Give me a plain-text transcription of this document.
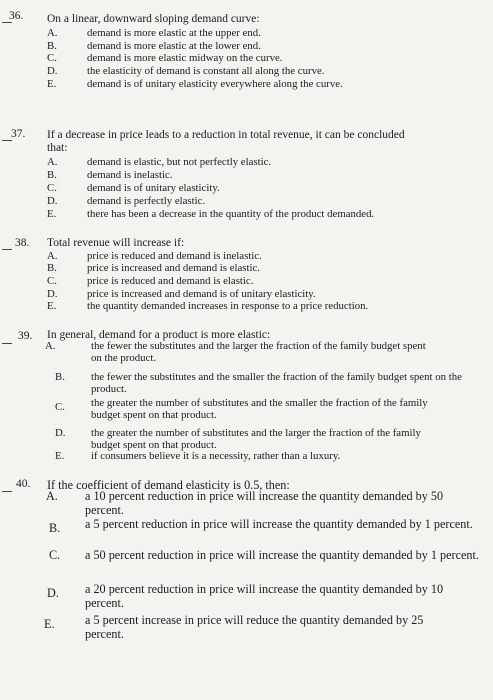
36. On a linear, downward sloping demand curve:
A.	demand is more elastic at the upper end.
B.	demand is more elastic at the lower end.
C.	demand is more elastic midway on the curve.
D.	the elasticity of demand is constant all along the curve.
E.	demand is of unitary elasticity everywhere along the curve.
37. If a decrease in price leads to a reduction in total revenue, it can be concluded that:
A.	demand is elastic, but not perfectly elastic.
B.	demand is inelastic.
C.	demand is of unitary elasticity.
D.	demand is perfectly elastic.
E.	there has been a decrease in the quantity of the product demanded.
38. Total revenue will increase if:
A.	price is reduced and demand is inelastic.
B.	price is increased and demand is elastic.
C.	price is reduced and demand is elastic.
D.	price is increased and demand is of unitary elasticity.
E.	the quantity demanded increases in response to a price reduction.
39. In general, demand for a product is more elastic:
A.	the fewer the substitutes and the larger the fraction of the family budget spent on the product.
B.	the fewer the substitutes and the smaller the fraction of the family budget spent on the product.
C.	the greater the number of substitutes and the smaller the fraction of the family budget spent on that product.
D.	the greater the number of substitutes and the larger the fraction of the family budget spent on that product.
E.	if consumers believe it is a necessity, rather than a luxury.
40. If the coefficient of demand elasticity is 0.5, then:
A.	a 10 percent reduction in price will increase the quantity demanded by 50 percent.
B.	a 5 percent reduction in price will increase the quantity demanded by 1 percent.
C.	a 50 percent reduction in price will increase the quantity demanded by 1 percent.
D.	a 20 percent reduction in price will increase the quantity demanded by 10 percent.
E.	a 5 percent increase in price will reduce the quantity demanded by 25 percent.
